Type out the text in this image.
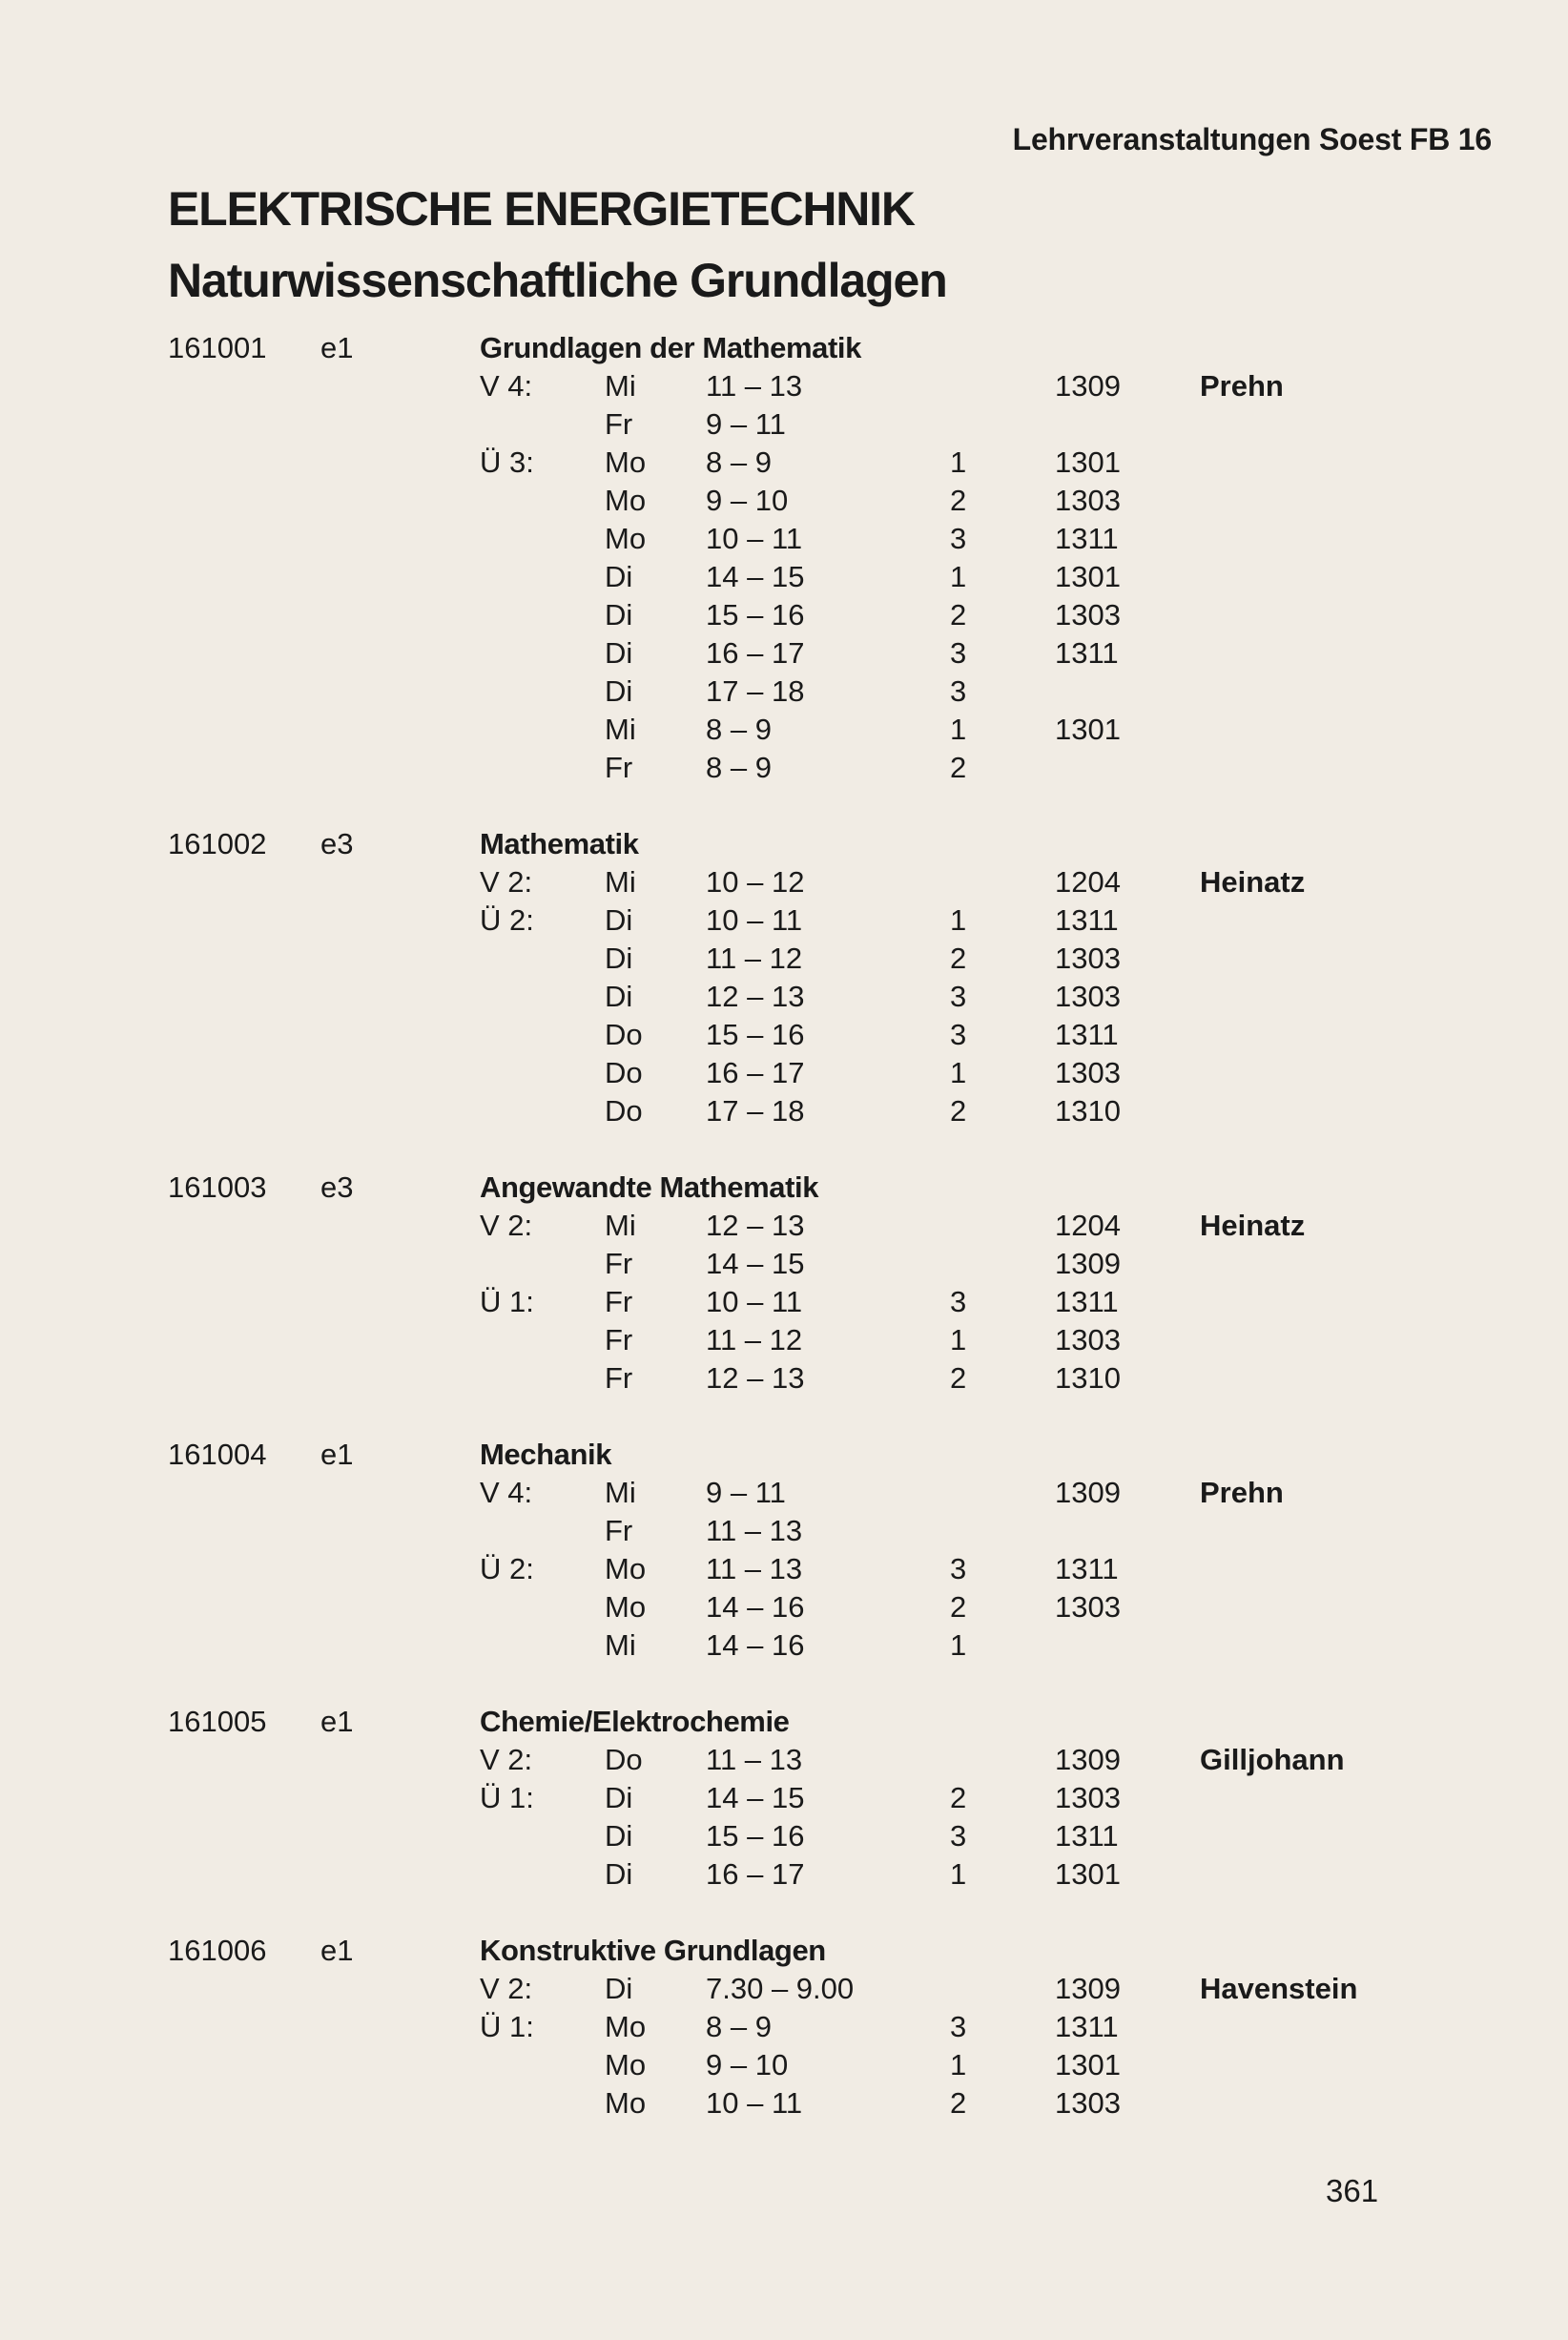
Lehrveranstaltungen Soest FB 16
ELEKTRISCHE ENERGIETECHNIK
Naturwissenschaftliche Grundlagen
161001 e1	Grundlagen der Mathematik
V 4: Mi 11 – 13	1309	Prehn
Fr 9 – 11
Ü 3: Mo 8 – 9	1	1301
Mo 9 – 10	2	1303
Mo 10 – 11	3	1311
Di 14 – 15	1	1301
Di 15 – 16	2	1303
Di 16 – 17	3	1311
Di 17 – 18	3
Mi 8 – 9	1	1301
Fr 8 – 9	2
161002 e3	Mathematik
V 2: Mi 10 – 12	1204	Heinatz
Ü 2: Di 10 – 11	1	1311
Di 11 – 12	2	1303
Di 12 – 13	3	1303
Do 15 – 16	3	1311
Do 16 – 17	1	1303
Do 17 – 18	2	1310
161003 e3	Angewandte Mathematik
V 2: Mi 12 – 13	1204	Heinatz
Fr 14 – 15	1309
Ü 1: Fr 10 – 11	3	1311
Fr 11 – 12	1	1303
Fr 12 – 13	2	1310
161004 e1	Mechanik
V 4: Mi 9 – 11	1309	Prehn
Fr 11 – 13
Ü 2: Mo 11 – 13	3	1311
Mo 14 – 16	2	1303
Mi 14 – 16	1
161005 e1	Chemie/Elektrochemie
V 2: Do 11 – 13	1309	Gilljohann
Ü 1: Di 14 – 15	2	1303
Di 15 – 16	3	1311
Di 16 – 17	1	1301
161006 e1	Konstruktive Grundlagen
V 2: Di 7.30 – 9.00	1309	Havenstein
Ü 1: Mo 8 – 9	3	1311
Mo 9 – 10	1	1301
Mo 10 – 11	2	1303
361
